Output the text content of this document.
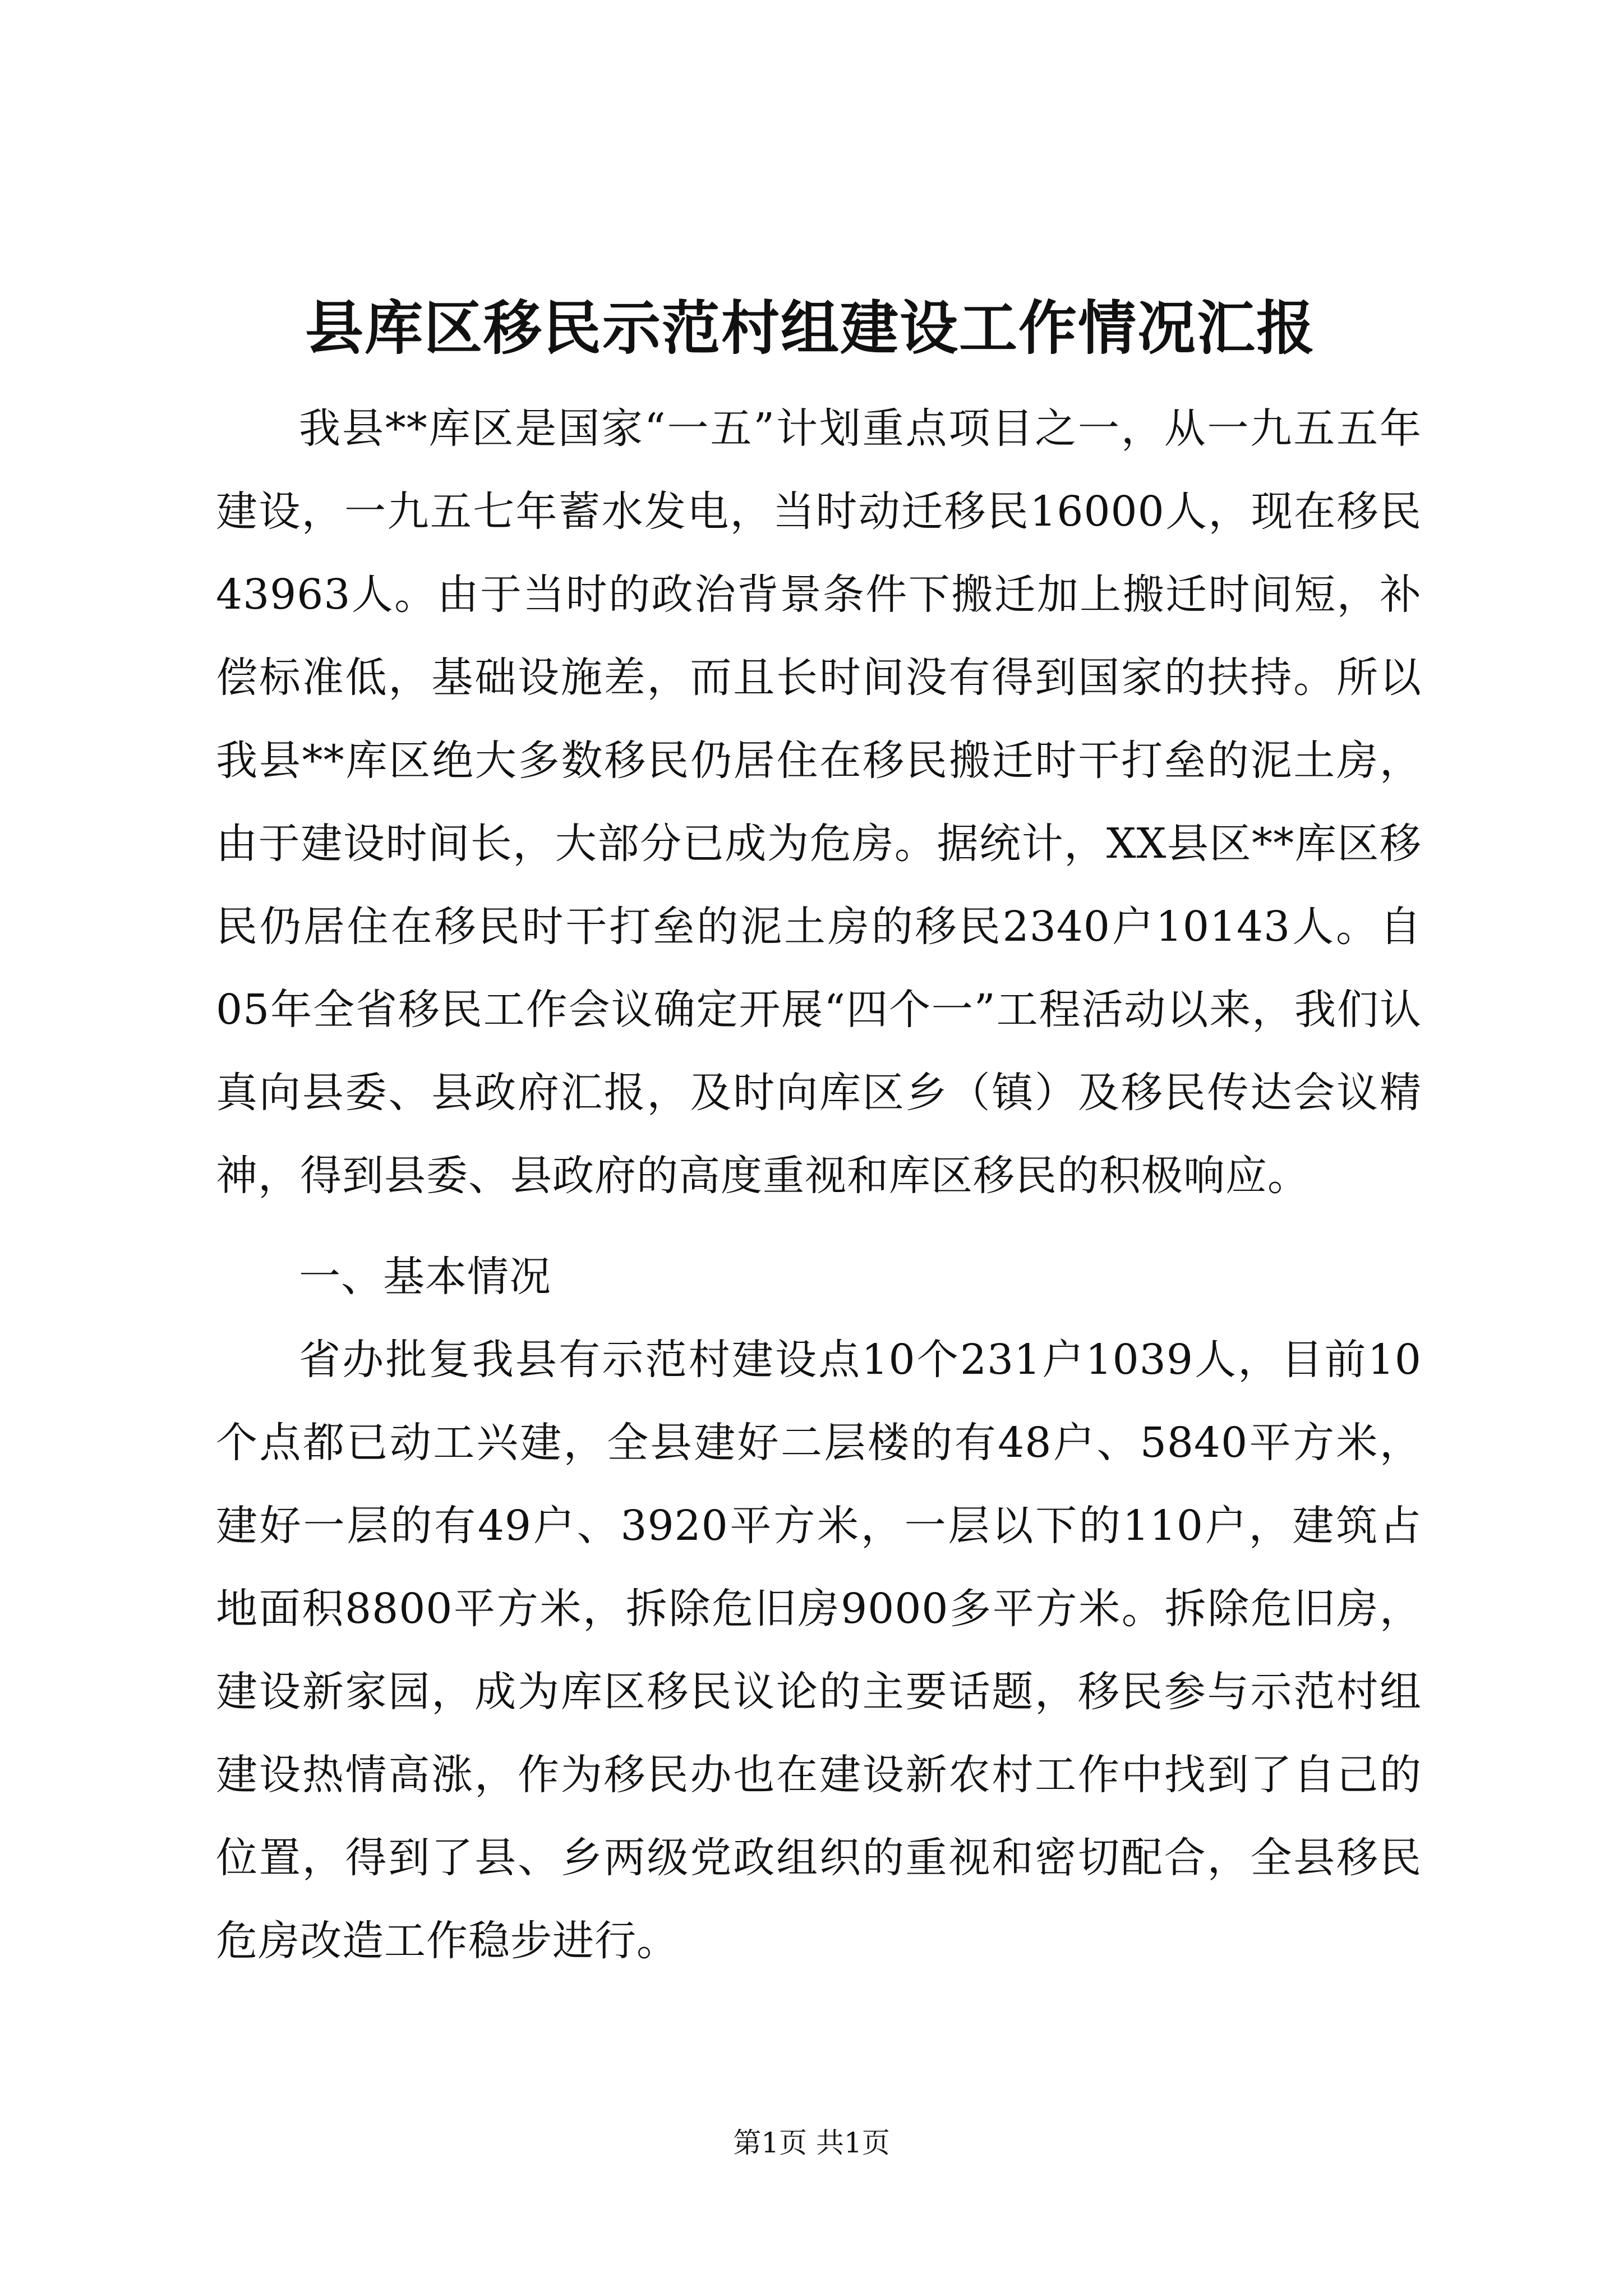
县库区移民示范村组建设工作情况汇报

我县**库区是国家“一五”计划重点项目之一，从一九五五年建设，一九五七年蓄水发电，当时动迁移民16000人，现在移民43963人。由于当时的政治背景条件下搬迁加上搬迁时间短，补偿标准低，基础设施差，而且长时间没有得到国家的扶持。所以我县**库区绝大多数移民仍居住在移民搬迁时干打垒的泥土房，由于建设时间长，大部分已成为危房。据统计，XX县区**库区移民仍居住在移民时干打垒的泥土房的移民2340户10143人。自05年全省移民工作会议确定开展“四个一”工程活动以来，我们认真向县委、县政府汇报，及时向库区乡（镇）及移民传达会议精神，得到县委、县政府的高度重视和库区移民的积极响应。

一、基本情况

省办批复我县有示范村建设点10个231户1039人，目前10个点都已动工兴建，全县建好二层楼的有48户、5840平方米，建好一层的有49户、3920平方米，一层以下的110户，建筑占地面积8800平方米，拆除危旧房9000多平方米。拆除危旧房，建设新家园，成为库区移民议论的主要话题，移民参与示范村组建设热情高涨，作为移民办也在建设新农村工作中找到了自己的位置，得到了县、乡两级党政组织的重视和密切配合，全县移民危房改造工作稳步进行。

第1页 共1页
